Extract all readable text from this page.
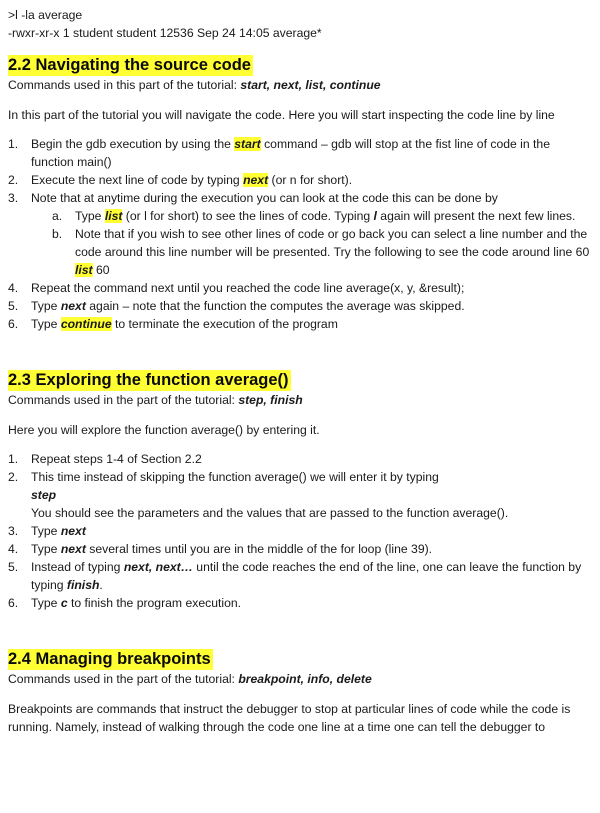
>l -la average

-rwxr-xr-x 1 student student 12536 Sep 24 14:05 average*

2.2 Navigating the source code

Commands used in this part of the tutorial: start, next, list, continue

In this part of the tutorial you will navigate the code. Here you will start inspecting the code line by line

1. Begin the gdb execution by using the start command – gdb will stop at the fist line of code in the function main()
2. Execute the next line of code by typing next (or n for short).
3. Note that at anytime during the execution you can look at the code this can be done by
a. Type list (or l for short) to see the lines of code. Typing l again will present the next few lines.
b. Note that if you wish to see other lines of code or go back you can select a line number and the code around this line number will be presented. Try the following to see the code around line 60
list 60
4. Repeat the command next until you reached the code line average(x, y, &result);
5. Type next again – note that the function the computes the average was skipped.
6. Type continue to terminate the execution of the program
2.3 Exploring the function average()

Commands used in the part of the tutorial: step, finish

Here you will explore the function average() by entering it.

1. Repeat steps 1-4 of Section 2.2
2. This time instead of skipping the function average() we will enter it by typing
step
You should see the parameters and the values that are passed to the function average().
3. Type next
4. Type next several times until you are in the middle of the for loop (line 39).
5. Instead of typing next, next… until the code reaches the end of the line, one can leave the function by typing finish.
6. Type c to finish the program execution.
2.4 Managing breakpoints

Commands used in the part of the tutorial: breakpoint, info, delete

Breakpoints are commands that instruct the debugger to stop at particular lines of code while the code is running. Namely, instead of walking through the code one line at a time one can tell the debugger to
